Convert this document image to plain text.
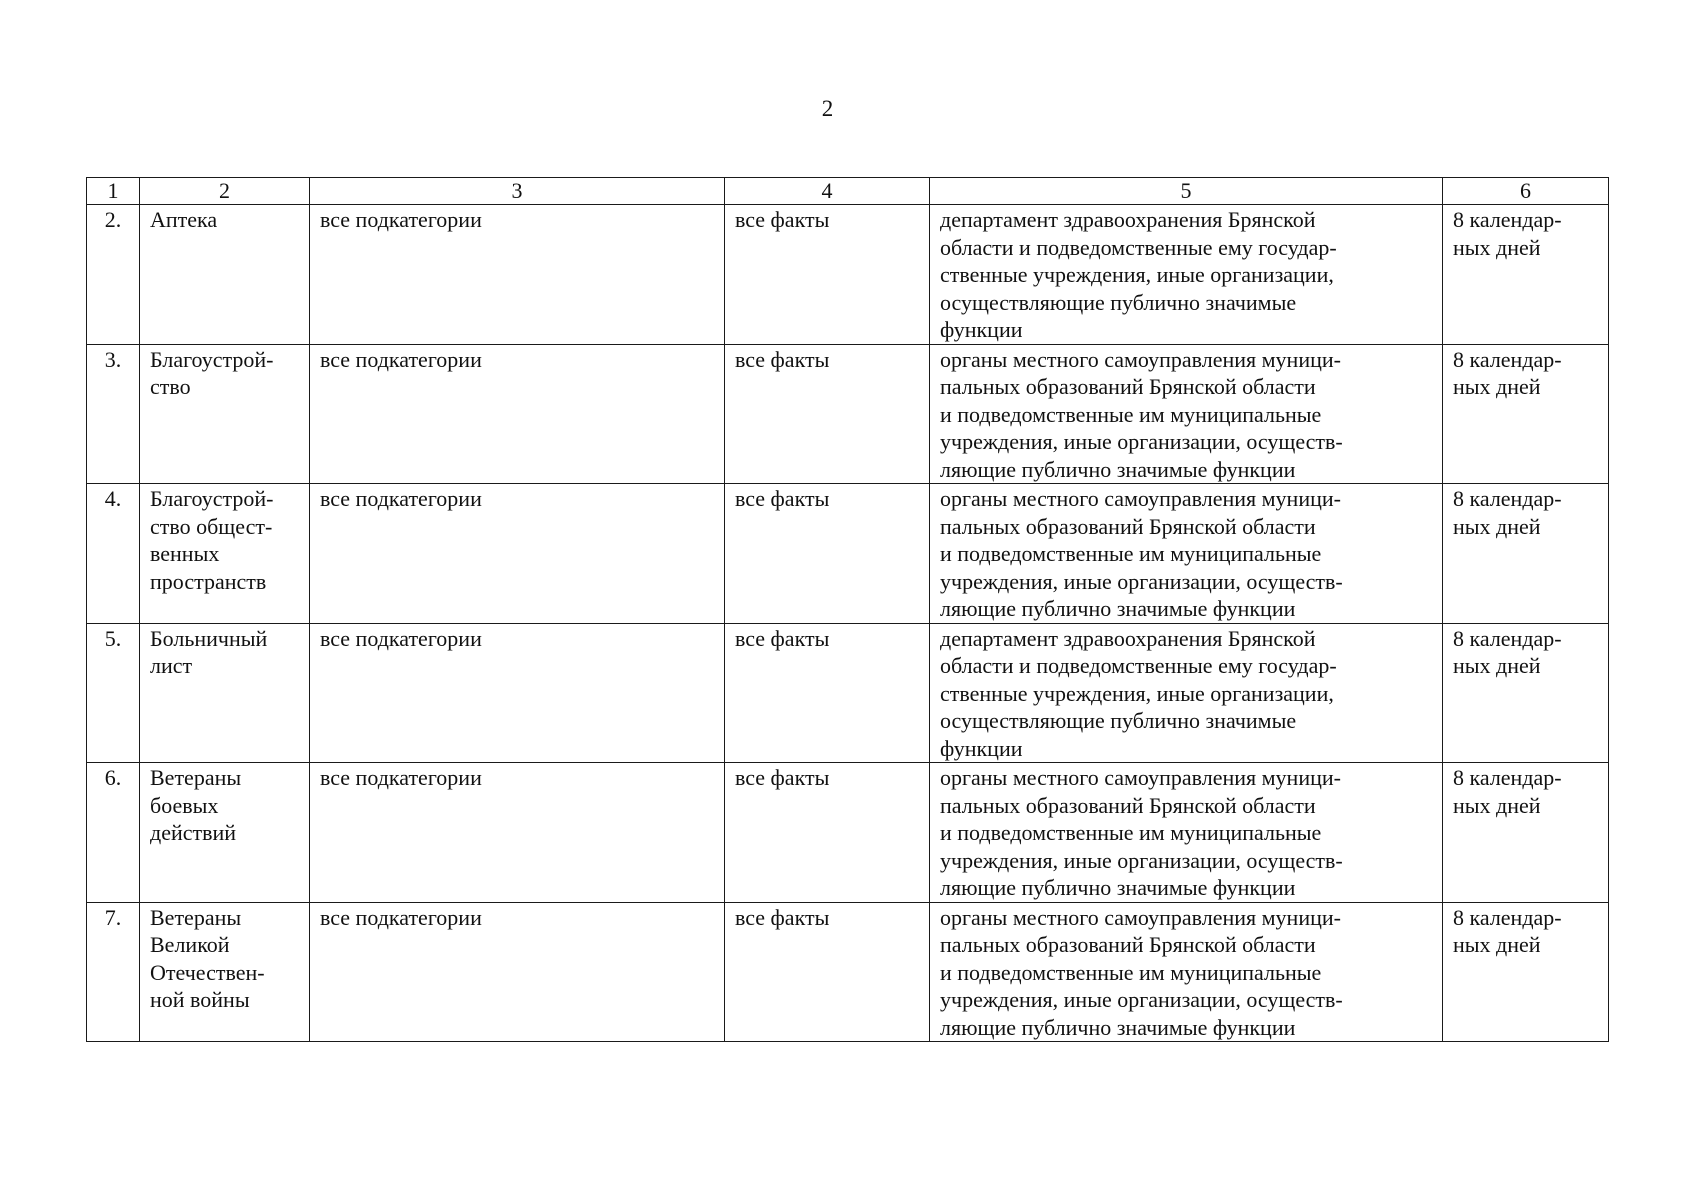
2
1	2	3	4	5	6
2.	Аптека	все подкатегории	все факты	департамент здравоохранения Брянской
области и подведомственные ему государ-
ственные учреждения, иные организации,
осуществляющие публично значимые
функции	8 календар-
ных дней
3.	Благоустрой-
ство	все подкатегории	все факты	органы местного самоуправления муници-
пальных образований Брянской области
и подведомственные им муниципальные
учреждения, иные организации, осуществ-
ляющие публично значимые функции	8 календар-
ных дней
4.	Благоустрой-
ство общест-
венных
пространств	все подкатегории	все факты	органы местного самоуправления муници-
пальных образований Брянской области
и подведомственные им муниципальные
учреждения, иные организации, осуществ-
ляющие публично значимые функции	8 календар-
ных дней
5.	Больничный
лист	все подкатегории	все факты	департамент здравоохранения Брянской
области и подведомственные ему государ-
ственные учреждения, иные организации,
осуществляющие публично значимые
функции	8 календар-
ных дней
6.	Ветераны
боевых
действий	все подкатегории	все факты	органы местного самоуправления муници-
пальных образований Брянской области
и подведомственные им муниципальные
учреждения, иные организации, осуществ-
ляющие публично значимые функции	8 календар-
ных дней
7.	Ветераны
Великой
Отечествен-
ной войны	все подкатегории	все факты	органы местного самоуправления муници-
пальных образований Брянской области
и подведомственные им муниципальные
учреждения, иные организации, осуществ-
ляющие публично значимые функции	8 календар-
ных дней
